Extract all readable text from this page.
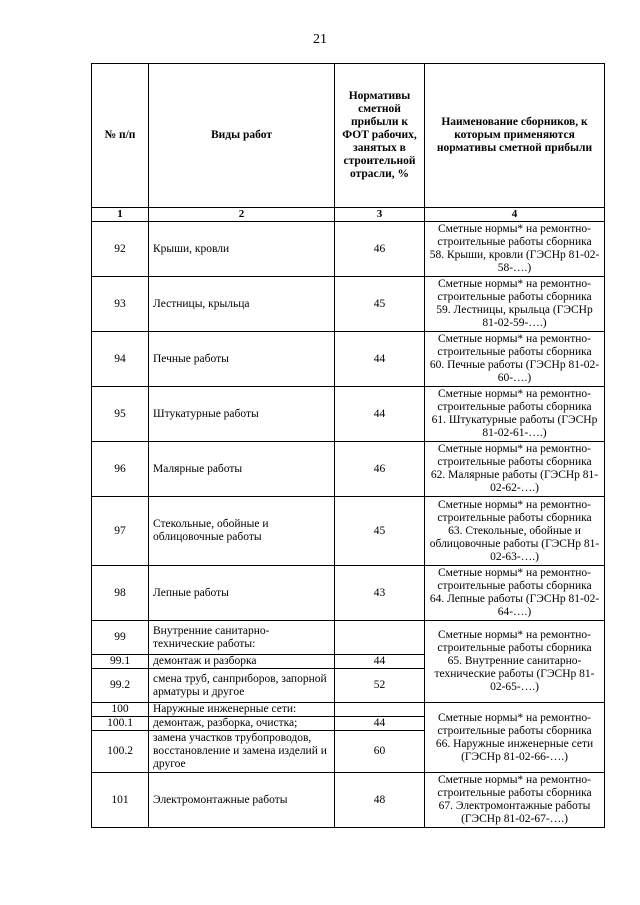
21
№ п/п	Виды работ	Нормативы сметной прибыли к ФОТ рабочих, занятых в строительной отрасли, %	Наименование сборников, к которым применяются нормативы сметной прибыли
1	2	3	4
92	Крыши, кровли	46	Сметные нормы* на ремонтно-строительные работы сборника 58. Крыши, кровли (ГЭСНр 81-02-58-….)
93	Лестницы, крыльца	45	Сметные нормы* на ремонтно-строительные работы сборника 59. Лестницы, крыльца (ГЭСНр 81-02-59-….)
94	Печные работы	44	Сметные нормы* на ремонтно-строительные работы сборника 60. Печные работы (ГЭСНр 81-02-60-….)
95	Штукатурные работы	44	Сметные нормы* на ремонтно-строительные работы сборника 61. Штукатурные работы (ГЭСНр 81-02-61-….)
96	Малярные работы	46	Сметные нормы* на ремонтно-строительные работы сборника 62. Малярные работы (ГЭСНр 81-02-62-….)
97	Стекольные, обойные и облицовочные работы	45	Сметные нормы* на ремонтно-строительные работы сборника 63. Стекольные, обойные и облицовочные работы (ГЭСНр 81-02-63-….)
98	Лепные работы	43	Сметные нормы* на ремонтно-строительные работы сборника 64. Лепные работы (ГЭСНр 81-02-64-….)
99	Внутренние санитарно-технические работы:		Сметные нормы* на ремонтно-строительные работы сборника 65. Внутренние санитарно-технические работы (ГЭСНр 81-02-65-….)
99.1	демонтаж и разборка	44	
99.2	смена труб, санприборов, запорной арматуры и другое	52	
100	Наружные инженерные сети:		Сметные нормы* на ремонтно-строительные работы сборника 66. Наружные инженерные сети (ГЭСНр 81-02-66-….)
100.1	демонтаж, разборка, очистка;	44	
100.2	замена участков трубопроводов, восстановление и замена изделий и другое	60	
101	Электромонтажные работы	48	Сметные нормы* на ремонтно-строительные работы сборника 67. Электромонтажные работы (ГЭСНр 81-02-67-….)
